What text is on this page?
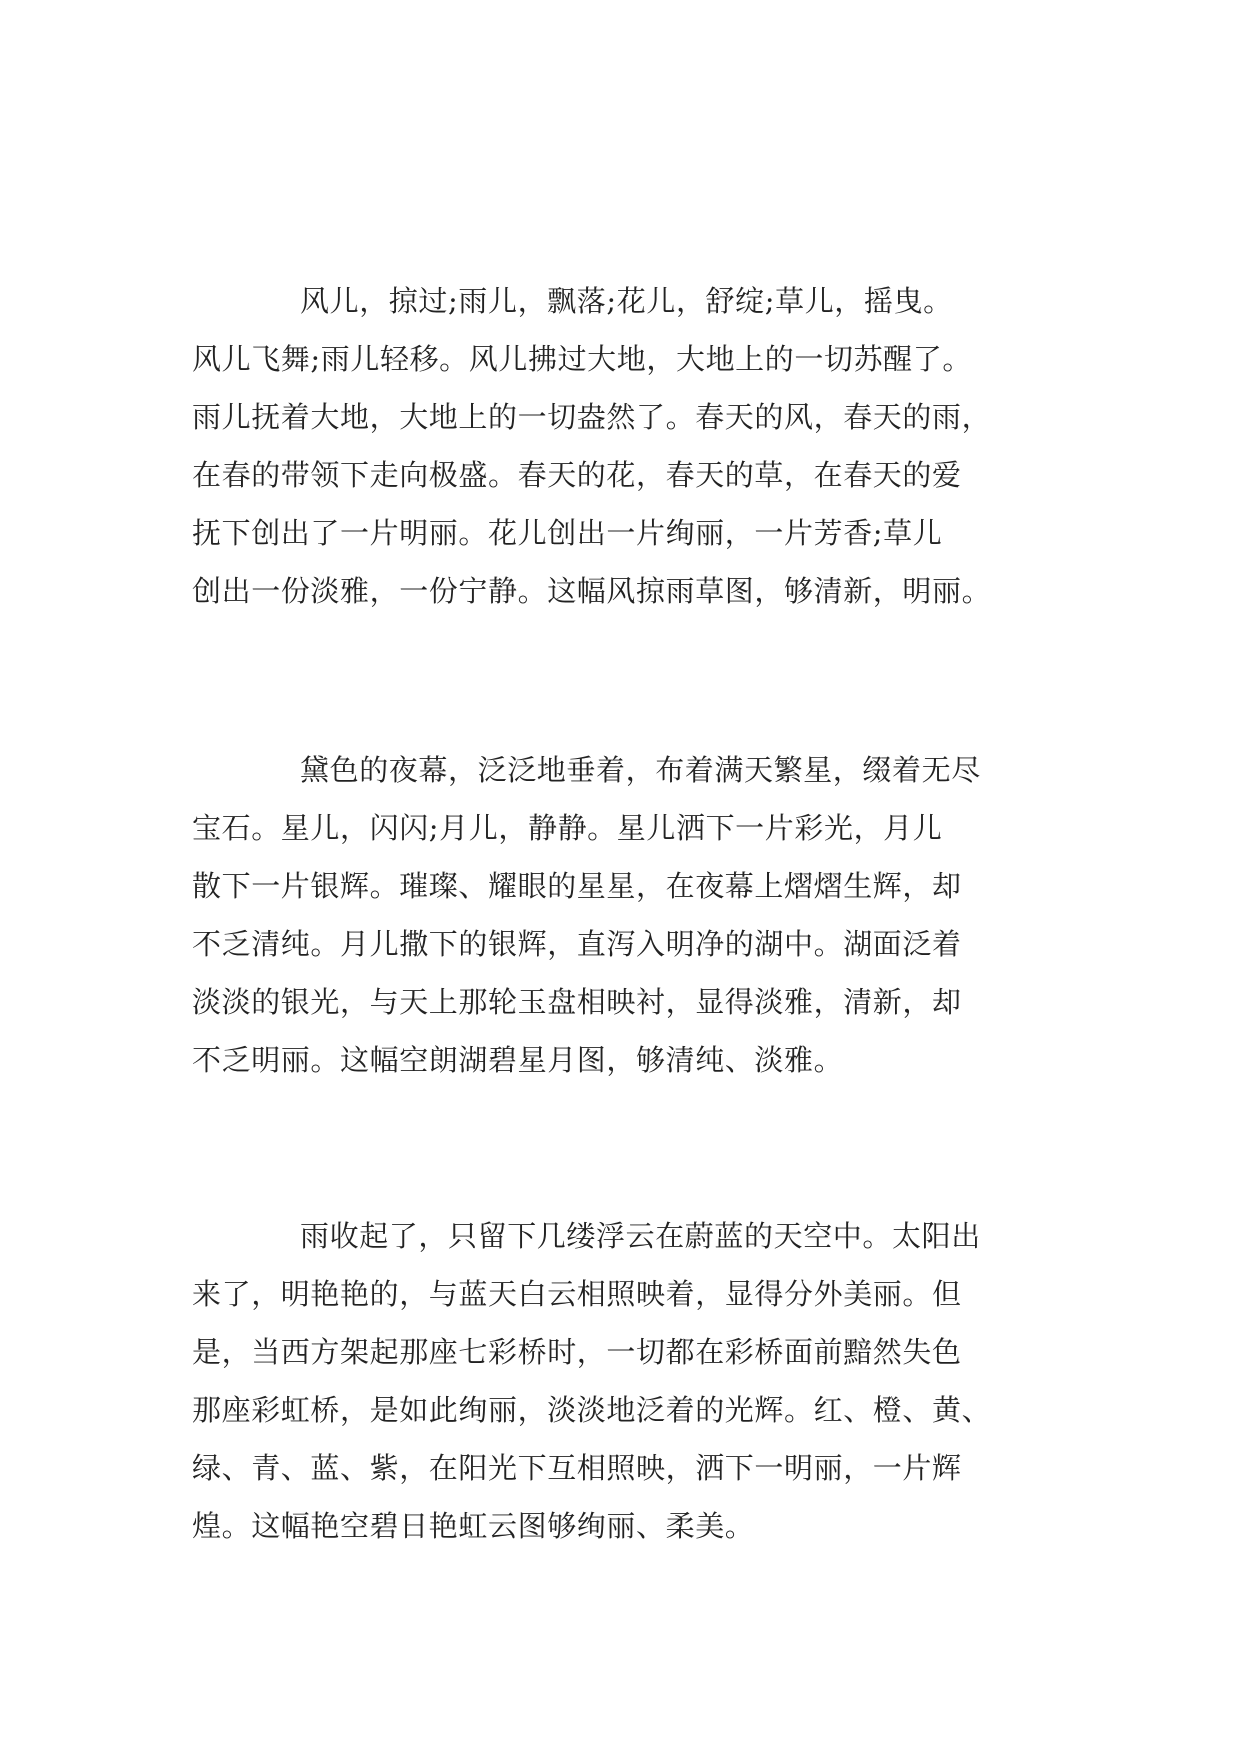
风儿，掠过;雨儿，飘落;花儿，舒绽;草儿，摇曳。
风儿飞舞;雨儿轻移。风儿拂过大地，大地上的一切苏醒了。
雨儿抚着大地，大地上的一切盎然了。春天的风，春天的雨，
在春的带领下走向极盛。春天的花，春天的草，在春天的爱
抚下创出了一片明丽。花儿创出一片绚丽，一片芳香;草儿
创出一份淡雅，一份宁静。这幅风掠雨草图，够清新，明丽。
黛色的夜幕，泛泛地垂着，布着满天繁星，缀着无尽
宝石。星儿，闪闪;月儿，静静。星儿洒下一片彩光，月儿
散下一片银辉。璀璨、耀眼的星星，在夜幕上熠熠生辉，却
不乏清纯。月儿撒下的银辉，直泻入明净的湖中。湖面泛着
淡淡的银光，与天上那轮玉盘相映衬，显得淡雅，清新，却
不乏明丽。这幅空朗湖碧星月图，够清纯、淡雅。
雨收起了，只留下几缕浮云在蔚蓝的天空中。太阳出
来了，明艳艳的，与蓝天白云相照映着，显得分外美丽。但
是，当西方架起那座七彩桥时，一切都在彩桥面前黯然失色
那座彩虹桥，是如此绚丽，淡淡地泛着的光辉。红、橙、黄、
绿、青、蓝、紫，在阳光下互相照映，洒下一明丽，一片辉
煌。这幅艳空碧日艳虹云图够绚丽、柔美。
